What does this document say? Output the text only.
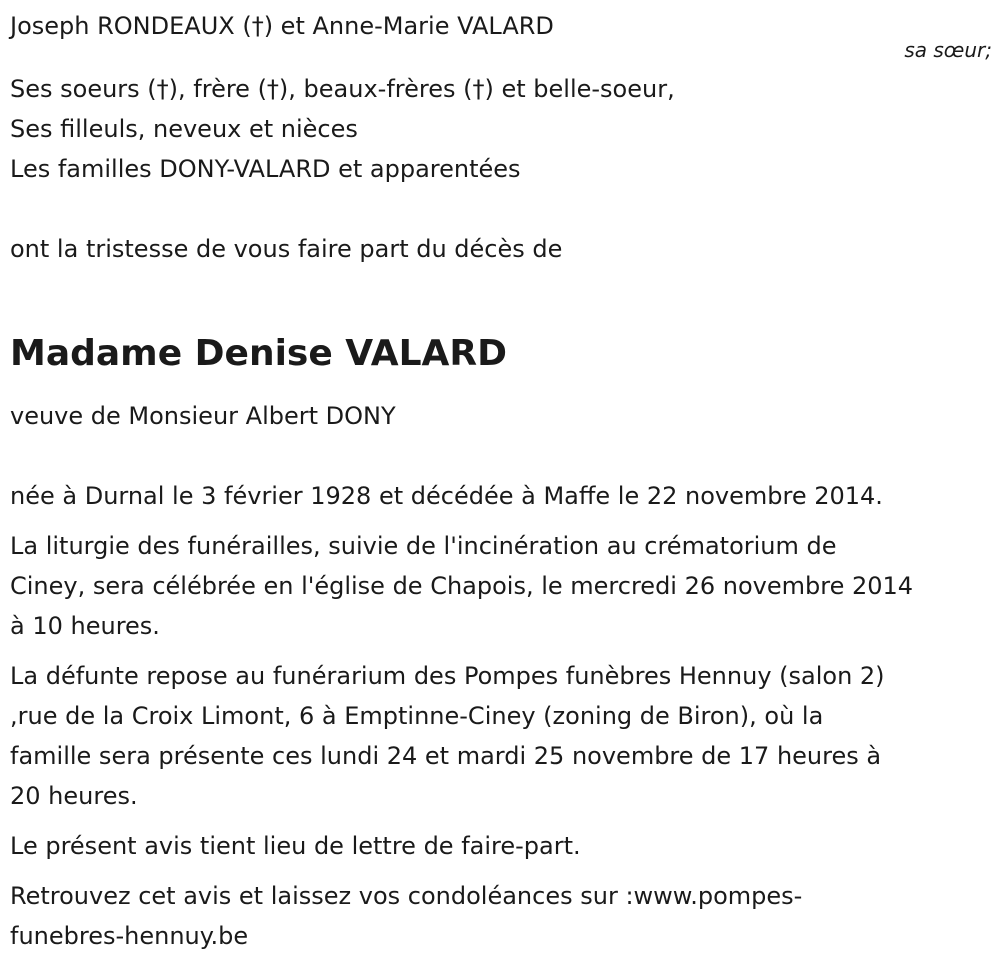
Joseph RONDEAUX (†) et Anne-Marie VALARD

sa sœur;

Ses soeurs (†), frère (†), beaux-frères (†) et belle-soeur,

Ses filleuls, neveux et nièces

Les familles DONY-VALARD et apparentées

ont la tristesse de vous faire part du décès de

Madame Denise VALARD

veuve de Monsieur Albert DONY

née à Durnal le 3 février 1928 et décédée à Maffe le 22 novembre 2014.

La liturgie des funérailles, suivie de l'incinération au crématorium de
Ciney, sera célébrée en l'église de Chapois, le mercredi 26 novembre 2014
à 10 heures.

La défunte repose au funérarium des Pompes funèbres Hennuy (salon 2)
,rue de la Croix Limont, 6 à Emptinne-Ciney (zoning de Biron), où la
famille sera présente ces lundi 24 et mardi 25 novembre de 17 heures à
20 heures.

Le présent avis tient lieu de lettre de faire-part.

Retrouvez cet avis et laissez vos condoléances sur :www.pompes-
funebres-hennuy.be
